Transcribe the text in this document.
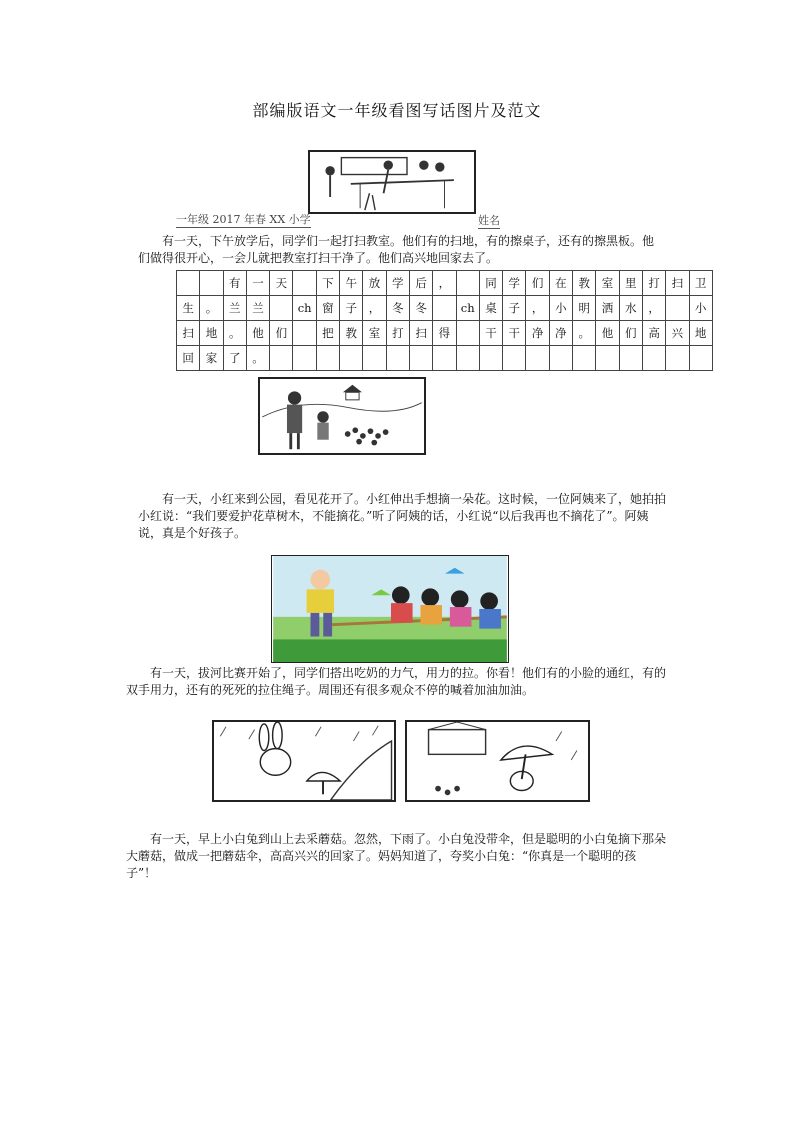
部编版语文一年级看图写话图片及范文
一年级 2017 年春 XX 小学	姓名
有一天，下午放学后，同学们一起打扫教室。他们有的扫地，有的擦桌子，还有的擦黑板。他们做得很开心，一会儿就把教室打扫干净了。他们高兴地回家去了。
		有	一	天		下	午	放	学	后	，		同	学	们	在	教	室	里	打	扫	卫
生	。	兰	兰		ch	窗	子	，	冬	冬		ch	桌	子	，	小	明	洒	水	，		小
扫	地	。	他	们		把	教	室	打	扫	得		干	干	净	净	。	他	们	高	兴	地
回	家	了	。																			
有一天，小红来到公园，看见花开了。小红伸出手想摘一朵花。这时候，一位阿姨来了，她拍拍小红说：“我们要爱护花草树木，不能摘花。”听了阿姨的话，小红说“以后我再也不摘花了”。阿姨说，真是个好孩子。
有一天，拔河比赛开始了，同学们搭出吃奶的力气，用力的拉。你看！他们有的小脸的通红，有的双手用力，还有的死死的拉住绳子。周围还有很多观众不停的喊着加油加油。
有一天，早上小白兔到山上去采蘑菇。忽然，下雨了。小白兔没带伞，但是聪明的小白兔摘下那朵大蘑菇，做成一把蘑菇伞，高高兴兴的回家了。妈妈知道了，夸奖小白兔：“你真是一个聪明的孩子”！
